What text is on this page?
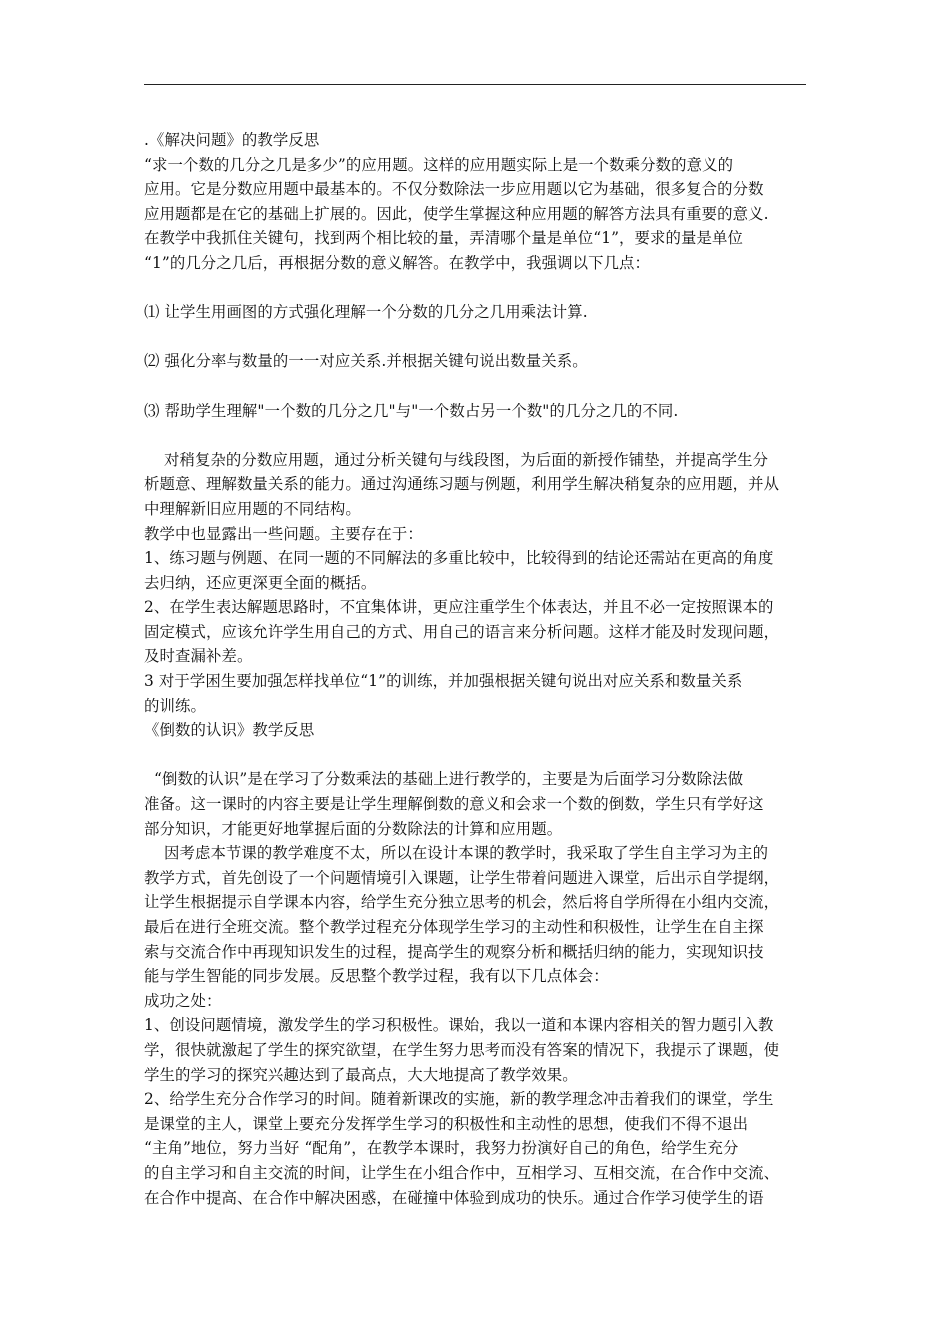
.《解决问题》的教学反思

“求一个数的几分之几是多少”的应用题。这样的应用题实际上是一个数乘分数的意义的

应用。它是分数应用题中最基本的。不仅分数除法一步应用题以它为基础，很多复合的分数

应用题都是在它的基础上扩展的。因此，使学生掌握这种应用题的解答方法具有重要的意义.

在教学中我抓住关键句，找到两个相比较的量，弄清哪个量是单位“1”，要求的量是单位

“1”的几分之几后，再根据分数的意义解答。在教学中，我强调以下几点：

⑴ 让学生用画图的方式强化理解一个分数的几分之几用乘法计算.

⑵ 强化分率与数量的一一对应关系.并根据关键句说出数量关系。

⑶ 帮助学生理解"一个数的几分之几"与"一个数占另一个数"的几分之几的不同.

对稍复杂的分数应用题，通过分析关键句与线段图，为后面的新授作铺垫，并提高学生分

析题意、理解数量关系的能力。通过沟通练习题与例题，利用学生解决稍复杂的应用题，并从

中理解新旧应用题的不同结构。

教学中也显露出一些问题。主要存在于：

1、练习题与例题、在同一题的不同解法的多重比较中，比较得到的结论还需站在更高的角度

去归纳，还应更深更全面的概括。

2、在学生表达解题思路时，不宜集体讲，更应注重学生个体表达，并且不必一定按照课本的

固定模式，应该允许学生用自己的方式、用自己的语言来分析问题。这样才能及时发现问题，

及时查漏补差。

3 对于学困生要加强怎样找单位“1”的训练，并加强根据关键句说出对应关系和数量关系

的训练。

《倒数的认识》教学反思

“倒数的认识”是在学习了分数乘法的基础上进行教学的，主要是为后面学习分数除法做

准备。这一课时的内容主要是让学生理解倒数的意义和会求一个数的倒数，学生只有学好这

部分知识，才能更好地掌握后面的分数除法的计算和应用题。

因考虑本节课的教学难度不太，所以在设计本课的教学时，我采取了学生自主学习为主的

教学方式，首先创设了一个问题情境引入课题，让学生带着问题进入课堂，后出示自学提纲，

让学生根据提示自学课本内容，给学生充分独立思考的机会，然后将自学所得在小组内交流，

最后在进行全班交流。整个教学过程充分体现学生学习的主动性和积极性，让学生在自主探

索与交流合作中再现知识发生的过程，提高学生的观察分析和概括归纳的能力，实现知识技

能与学生智能的同步发展。反思整个教学过程，我有以下几点体会：

成功之处：

1、创设问题情境，激发学生的学习积极性。课始，我以一道和本课内容相关的智力题引入教

学，很快就激起了学生的探究欲望，在学生努力思考而没有答案的情况下，我提示了课题，使

学生的学习的探究兴趣达到了最高点，大大地提高了教学效果。

2、给学生充分合作学习的时间。随着新课改的实施，新的教学理念冲击着我们的课堂，学生

是课堂的主人，课堂上要充分发挥学生学习的积极性和主动性的思想，使我们不得不退出

“主角”地位，努力当好 “配角”，在教学本课时，我努力扮演好自己的角色，给学生充分

的自主学习和自主交流的时间，让学生在小组合作中，互相学习、互相交流，在合作中交流、

在合作中提高、在合作中解决困惑，在碰撞中体验到成功的快乐。通过合作学习使学生的语
